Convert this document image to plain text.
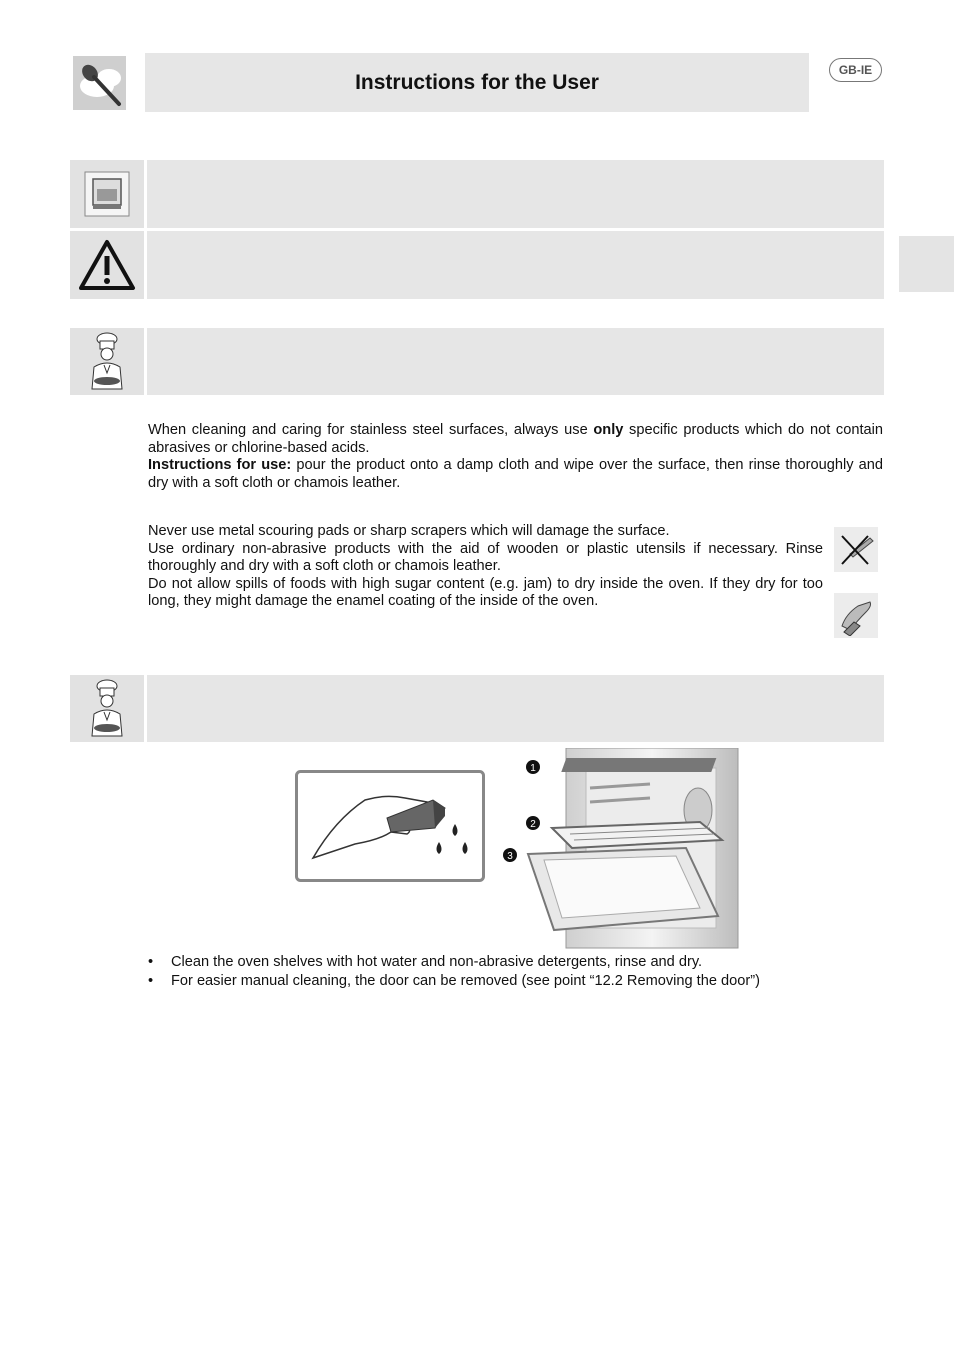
Instructions for the User
GB-IE

When cleaning and caring for stainless steel surfaces, always use only specific products which do not contain abrasives or chlorine-based acids.

Instructions for use: pour the product onto a damp cloth and wipe over the surface, then rinse thoroughly and dry with a soft cloth or chamois leather.

Never use metal scouring pads or sharp scrapers which will damage the surface.

Use ordinary non-abrasive products with the aid of wooden or plastic utensils if necessary. Rinse thoroughly and dry with a soft cloth or chamois leather.

Do not allow spills of foods with high sugar content (e.g. jam) to dry inside the oven. If they dry for too long, they might damage the enamel coating of the inside of the oven.

1
2
3
• Clean the oven shelves with hot water and non-abrasive detergents, rinse and dry.
• For easier manual cleaning, the door can be removed (see point “12.2 Removing the door”)
